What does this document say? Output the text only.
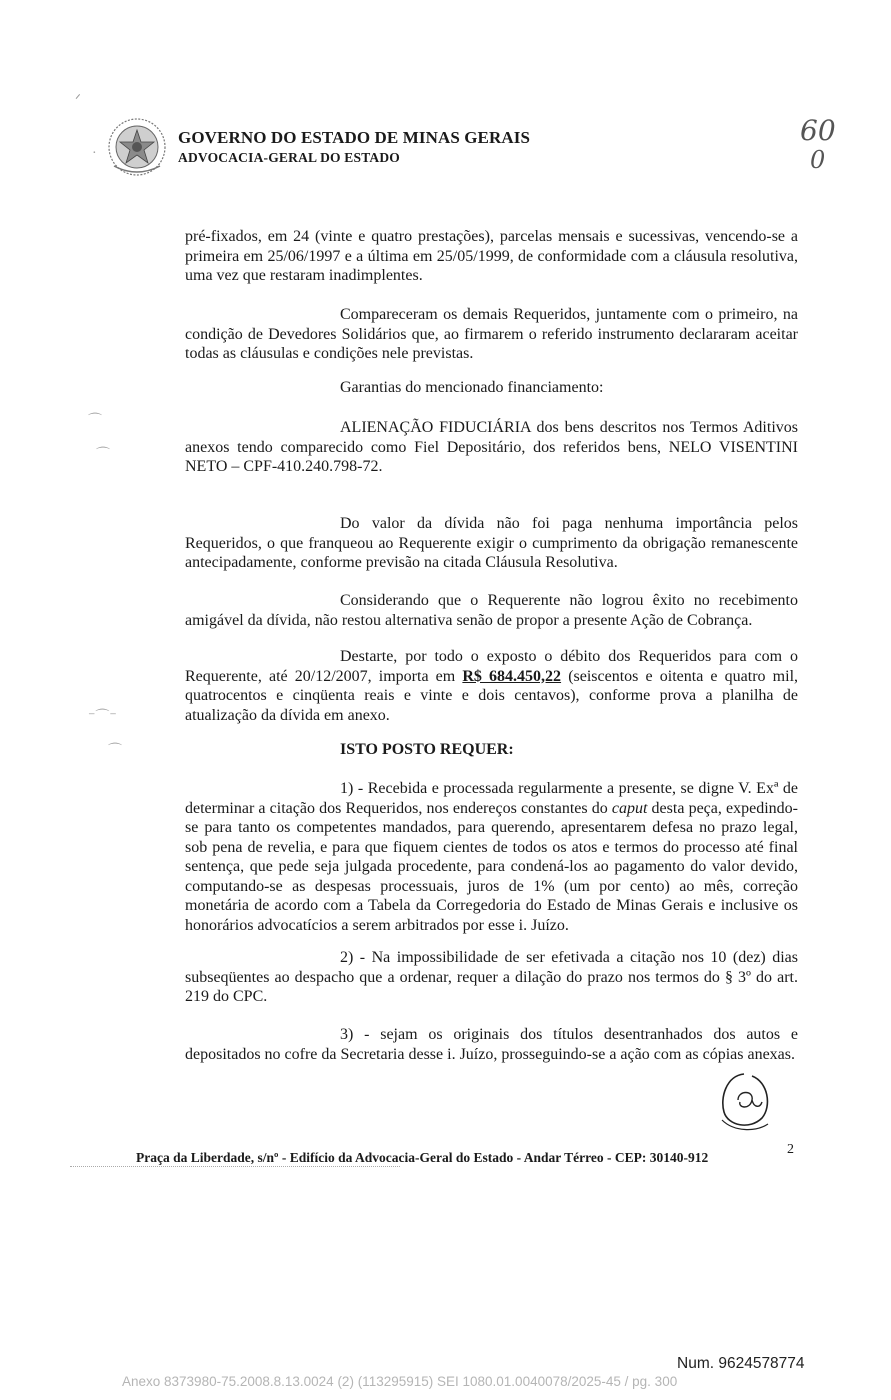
GOVERNO DO ESTADO DE MINAS GERAIS
ADVOCACIA-GERAL DO ESTADO
60
0
ᐟ
·
⌒
⌒
⁻⌒⁻
⌒
pré-fixados, em 24 (vinte e quatro prestações), parcelas mensais e sucessivas, vencendo-se a primeira em 25/06/1997 e a última em 25/05/1999, de conformidade com a cláusula resolutiva, uma vez que restaram inadimplentes.
Compareceram os demais Requeridos, juntamente com o primeiro, na condição de Devedores Solidários que, ao firmarem o referido instrumento declararam aceitar todas as cláusulas e condições nele previstas.
Garantias do mencionado financiamento:
ALIENAÇÃO FIDUCIÁRIA dos bens descritos nos Termos Aditivos anexos tendo comparecido como Fiel Depositário, dos referidos bens, NELO VISENTINI NETO – CPF-410.240.798-72.
Do valor da dívida não foi paga nenhuma importância pelos Requeridos, o que franqueou ao Requerente exigir o cumprimento da obrigação remanescente antecipadamente, conforme previsão na citada Cláusula Resolutiva.
Considerando que o Requerente não logrou êxito no recebimento amigável da dívida, não restou alternativa senão de propor a presente Ação de Cobrança.
Destarte, por todo o exposto o débito dos Requeridos para com o Requerente, até 20/12/2007, importa em R$ 684.450,22 (seiscentos e oitenta e quatro mil, quatrocentos e cinqüenta reais e vinte e dois centavos), conforme prova a planilha de atualização da dívida em anexo.
ISTO POSTO REQUER:
1) - Recebida e processada regularmente a presente, se digne V. Exª de determinar a citação dos Requeridos, nos endereços constantes do caput desta peça, expedindo-se para tanto os competentes mandados, para querendo, apresentarem defesa no prazo legal, sob pena de revelia, e para que fiquem cientes de todos os atos e termos do processo até final sentença, que pede seja julgada procedente, para condená-los ao pagamento do valor devido, computando-se as despesas processuais, juros de 1% (um por cento) ao mês, correção monetária de acordo com a Tabela da Corregedoria do Estado de Minas Gerais e inclusive os honorários advocatícios a serem arbitrados por esse i. Juízo.
2) - Na impossibilidade de ser efetivada a citação nos 10 (dez) dias subseqüentes ao despacho que a ordenar, requer a dilação do prazo nos termos do § 3º do art. 219 do CPC.
3) - sejam os originais dos títulos desentranhados dos autos e depositados no cofre da Secretaria desse i. Juízo, prosseguindo-se a ação com as cópias anexas.
Praça da Liberdade, s/nº - Edifício da Advocacia-Geral do Estado - Andar Térreo - CEP: 30140-912
2
Num. 9624578774
Anexo 8373980-75.2008.8.13.0024 (2) (113295915) SEI 1080.01.0040078/2025-45 / pg. 300
